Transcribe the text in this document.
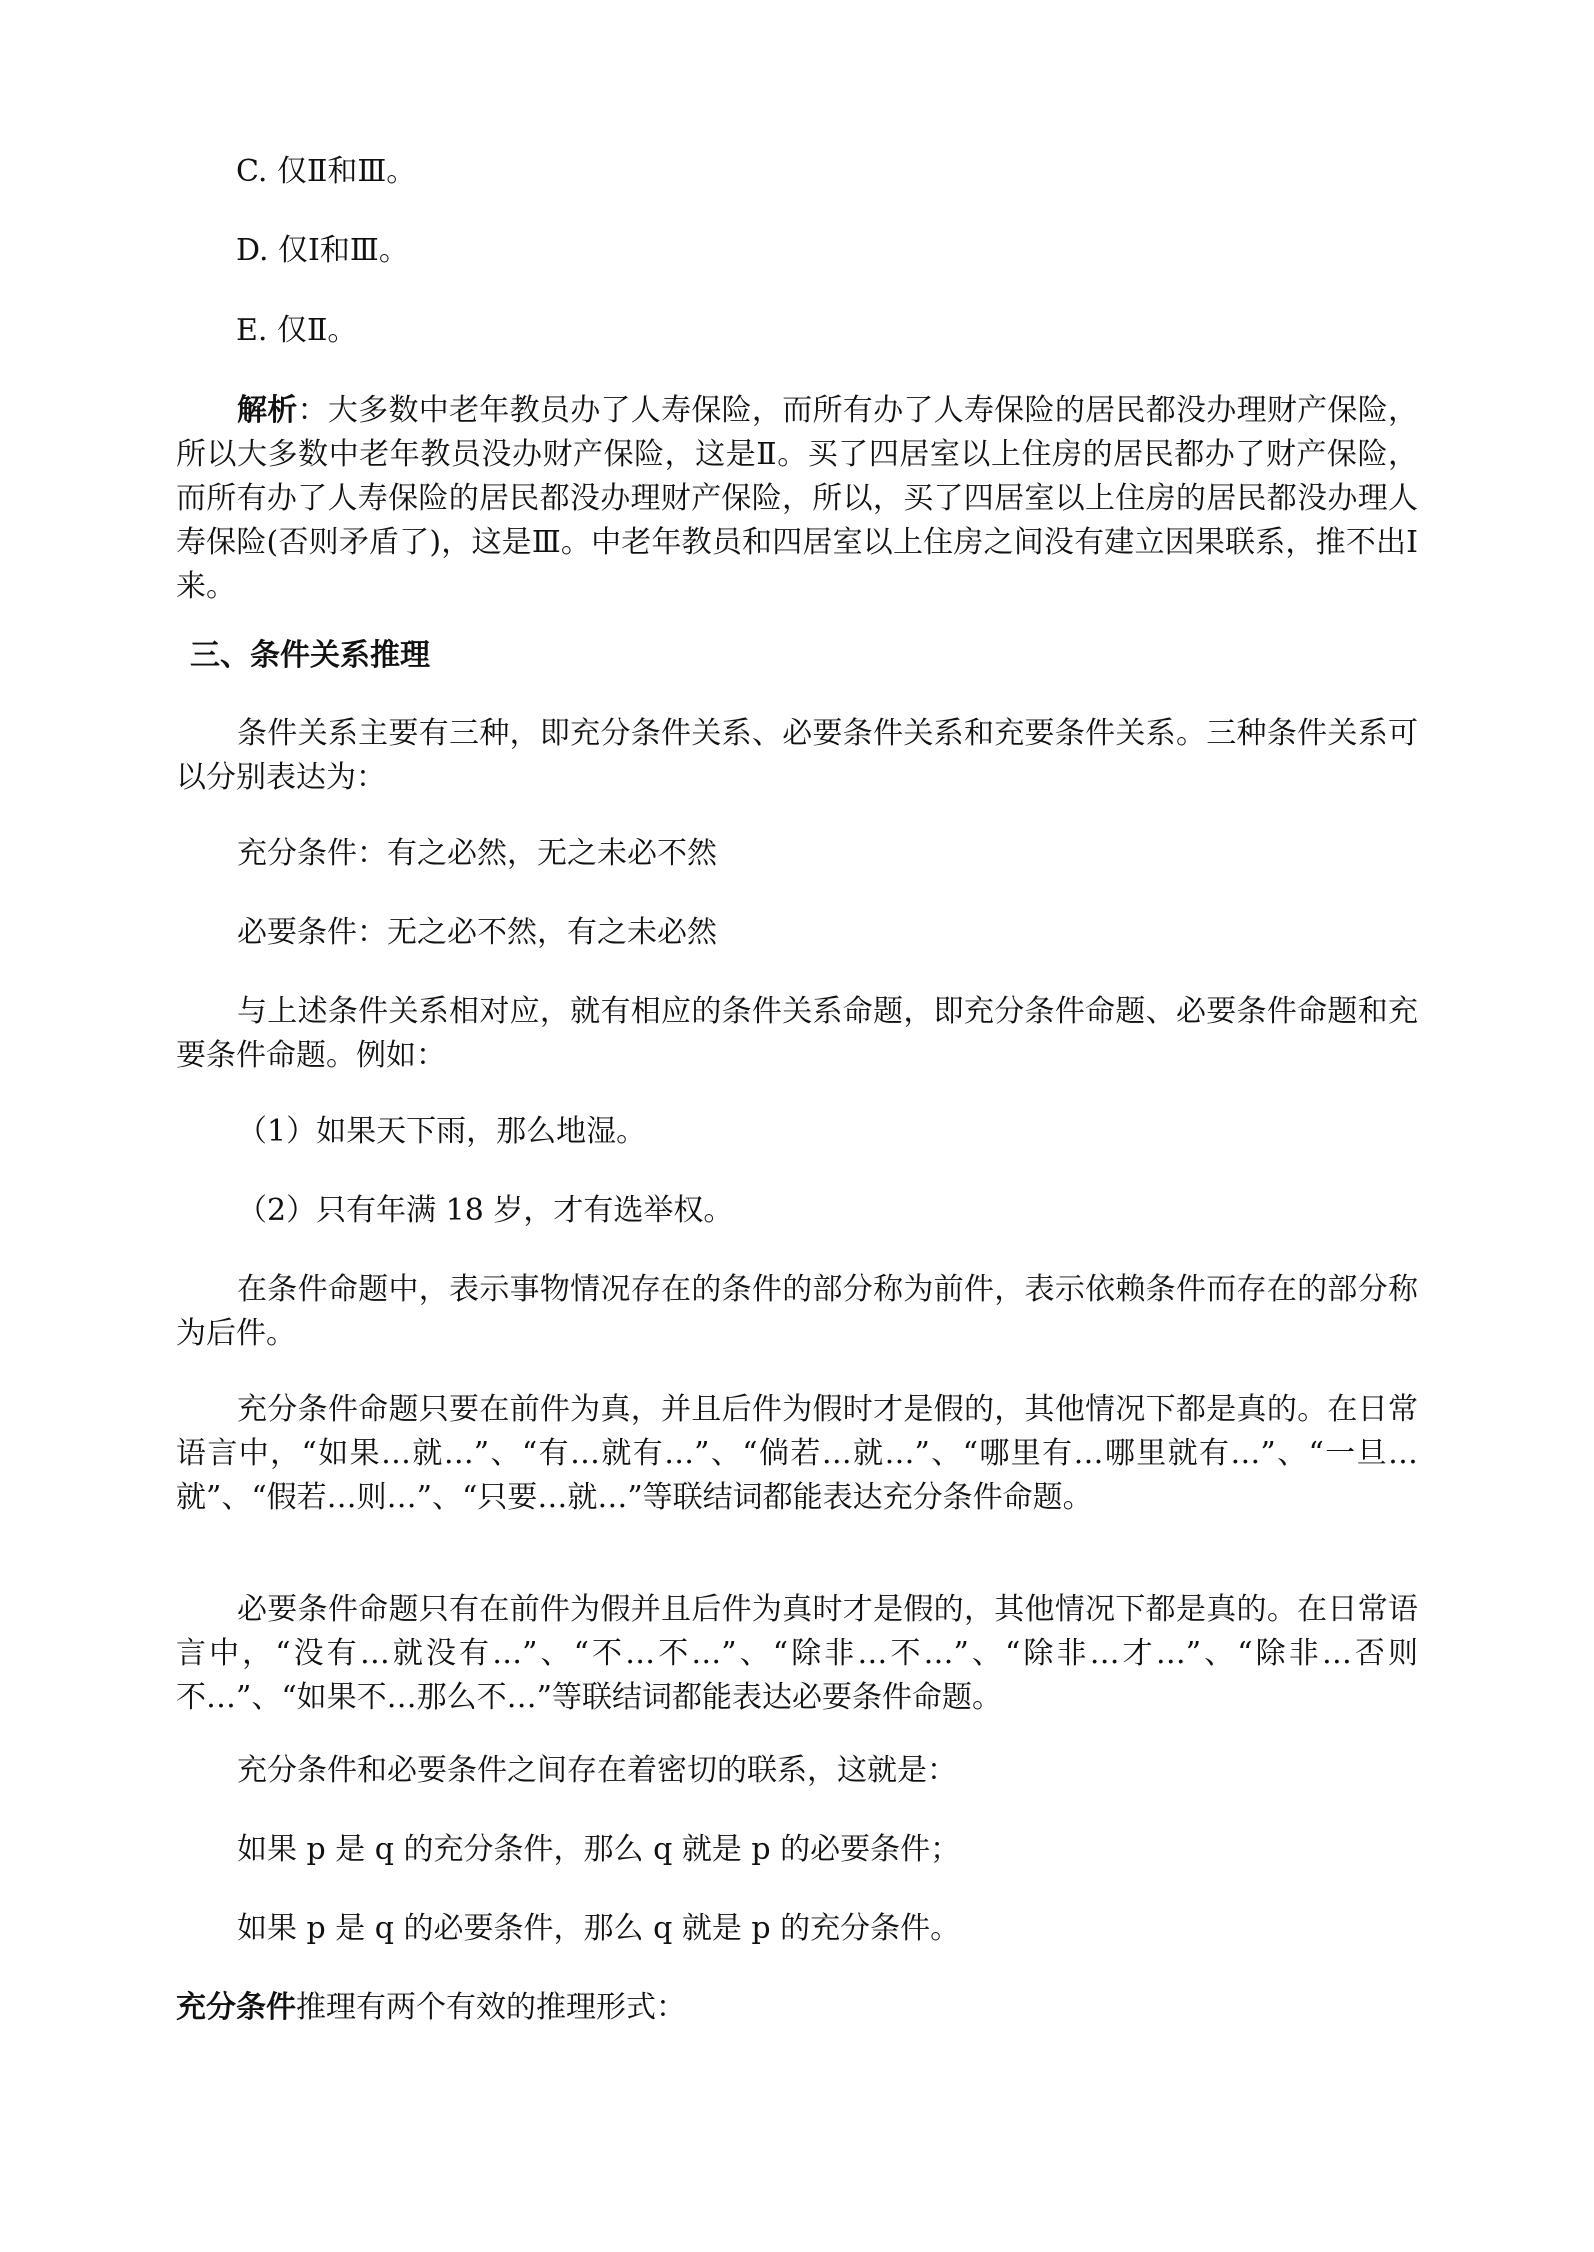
C. 仅Ⅱ和Ⅲ。

D. 仅Ⅰ和Ⅲ。

E. 仅Ⅱ。

解析：大多数中老年教员办了人寿保险，而所有办了人寿保险的居民都没办理财产保险，所以大多数中老年教员没办财产保险，这是Ⅱ。买了四居室以上住房的居民都办了财产保险，而所有办了人寿保险的居民都没办理财产保险，所以，买了四居室以上住房的居民都没办理人寿保险(否则矛盾了)，这是Ⅲ。中老年教员和四居室以上住房之间没有建立因果联系，推不出Ⅰ来。

三、条件关系推理

条件关系主要有三种，即充分条件关系、必要条件关系和充要条件关系。三种条件关系可以分别表达为：

充分条件：有之必然，无之未必不然

必要条件：无之必不然，有之未必然

与上述条件关系相对应，就有相应的条件关系命题，即充分条件命题、必要条件命题和充要条件命题。例如：

（1）如果天下雨，那么地湿。

（2）只有年满 18 岁，才有选举权。

在条件命题中，表示事物情况存在的条件的部分称为前件，表示依赖条件而存在的部分称为后件。

充分条件命题只要在前件为真，并且后件为假时才是假的，其他情况下都是真的。在日常语言中，“如果…就…”、“有…就有…”、“倘若…就…”、“哪里有…哪里就有…”、“一旦…就”、“假若…则…”、“只要…就…”等联结词都能表达充分条件命题。

必要条件命题只有在前件为假并且后件为真时才是假的，其他情况下都是真的。在日常语言中，“没有…就没有…”、“不…不…”、“除非…不…”、“除非…才…”、“除非…否则不…”、“如果不…那么不…”等联结词都能表达必要条件命题。

充分条件和必要条件之间存在着密切的联系，这就是：

如果 p 是 q 的充分条件，那么 q 就是 p 的必要条件；

如果 p 是 q 的必要条件，那么 q 就是 p 的充分条件。

充分条件推理有两个有效的推理形式：
